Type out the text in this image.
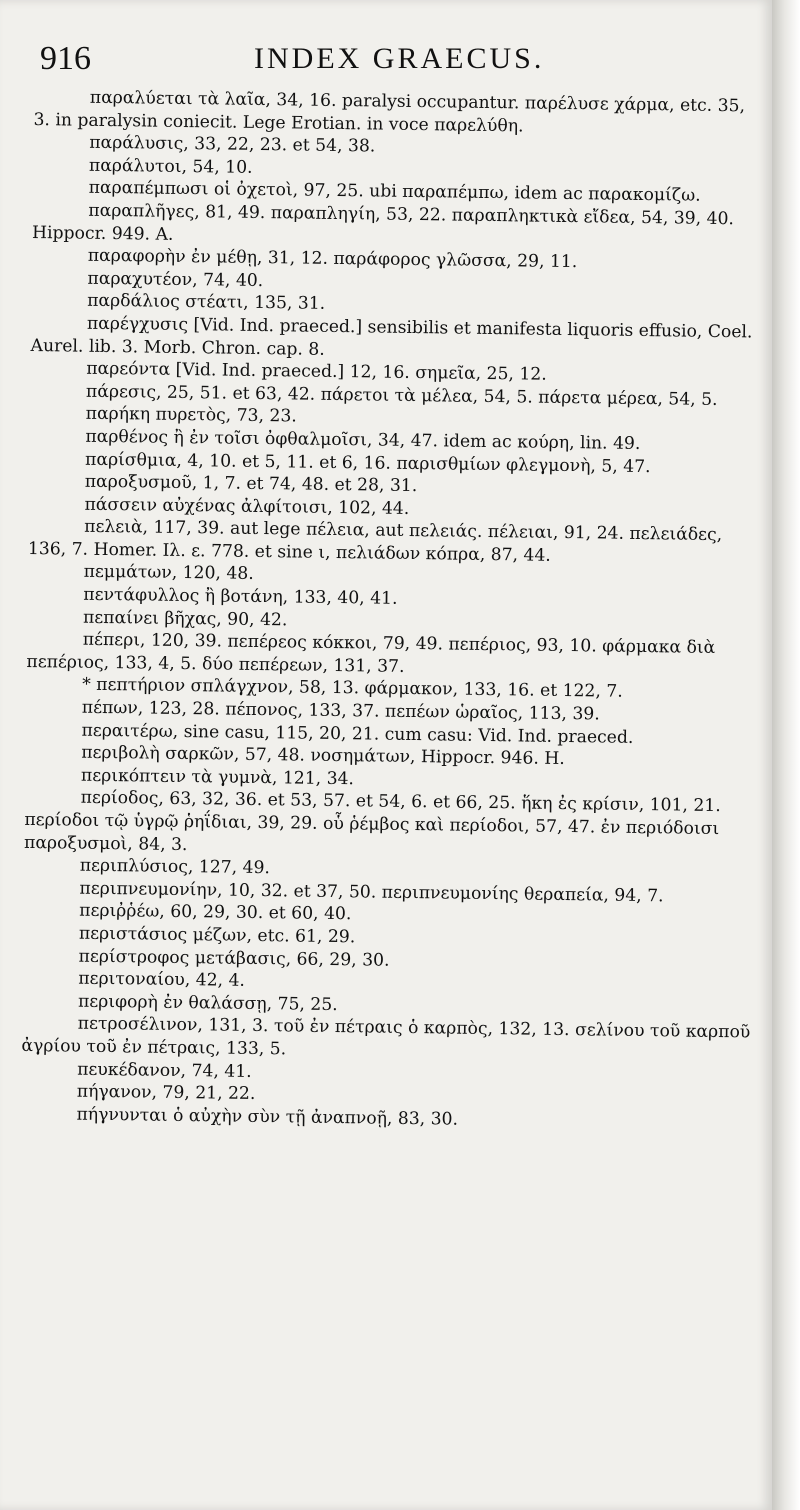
916	INDEX GRAECUS.
παραλύεται τὰ λαῖα, 34, 16. paralysi occupantur. παρέλυσε χάρμα, etc. 35, 3. in paralysin coniecit. Lege Erotian. in voce παρελύθη.
παράλυσις, 33, 22, 23. et 54, 38.
παράλυτοι, 54, 10.
παραπέμπωσι οἱ ὀχετοὶ, 97, 25. ubi παραπέμπω, idem ac παρακομίζω.
παραπλῆγες, 81, 49. παραπληγίη, 53, 22. παραπληκτικὰ εἴδεα, 54, 39, 40. Hippocr. 949. A.
παραφορὴν ἐν μέθῃ, 31, 12. παράφορος γλῶσσα, 29, 11.
παραχυτέον, 74, 40.
παρδάλιος στέατι, 135, 31.
παρέγχυσις [Vid. Ind. praeced.] sensibilis et manifesta liquoris effusio, Coel. Aurel. lib. 3. Morb. Chron. cap. 8.
παρεόντα [Vid. Ind. praeced.] 12, 16. σημεῖα, 25, 12.
πάρεσις, 25, 51. et 63, 42. πάρετοι τὰ μέλεα, 54, 5. πάρετα μέρεα, 54, 5.
παρήκη πυρετὸς, 73, 23.
παρθένος ἢ ἐν τοῖσι ὀφθαλμοῖσι, 34, 47. idem ac κούρη, lin. 49.
παρίσθμια, 4, 10. et 5, 11. et 6, 16. παρισθμίων φλεγμονὴ, 5, 47.
παροξυσμοῦ, 1, 7. et 74, 48. et 28, 31.
πάσσειν αὐχένας ἀλφίτοισι, 102, 44.
πελειὰ, 117, 39. aut lege πέλεια, aut πελειάς. πέλειαι, 91, 24. πελειάδες, 136, 7. Homer. Ιλ. ε. 778. et sine ι, πελιάδων κόπρα, 87, 44.
πεμμάτων, 120, 48.
πεντάφυλλος ἢ βοτάνη, 133, 40, 41.
πεπαίνει βῆχας, 90, 42.
πέπερι, 120, 39. πεπέρεος κόκκοι, 79, 49. πεπέριος, 93, 10. φάρμακα διὰ πεπέριος, 133, 4, 5. δύο πεπέρεων, 131, 37.
* πεπτήριον σπλάγχνον, 58, 13. φάρμακον, 133, 16. et 122, 7.
πέπων, 123, 28. πέπονος, 133, 37. πεπέων ὡραῖος, 113, 39.
περαιτέρω, sine casu, 115, 20, 21. cum casu: Vid. Ind. praeced.
περιβολὴ σαρκῶν, 57, 48. νοσημάτων, Hippocr. 946. H.
περικόπτειν τὰ γυμνὰ, 121, 34.
περίοδος, 63, 32, 36. et 53, 57. et 54, 6. et 66, 25. ἥκη ἐς κρίσιν, 101, 21. περίοδοι τῷ ὑγρῷ ῥηΐδιαι, 39, 29. οὗ ῥέμβος καὶ περίοδοι, 57, 47. ἐν περιόδοισι παροξυσμοὶ, 84, 3.
περιπλύσιος, 127, 49.
περιπνευμονίην, 10, 32. et 37, 50. περιπνευμονίης θεραπεία, 94, 7.
περιῤῥέω, 60, 29, 30. et 60, 40.
περιστάσιος μέζων, etc. 61, 29.
περίστροφος μετάβασις, 66, 29, 30.
περιτοναίου, 42, 4.
περιφορὴ ἐν θαλάσσῃ, 75, 25.
πετροσέλινον, 131, 3. τοῦ ἐν πέτραις ὁ καρπὸς, 132, 13. σελίνου τοῦ καρποῦ ἀγρίου τοῦ ἐν πέτραις, 133, 5.
πευκέδανον, 74, 41.
πήγανον, 79, 21, 22.
πήγνυνται ὁ αὐχὴν σὺν τῇ ἀναπνοῇ, 83, 30.
